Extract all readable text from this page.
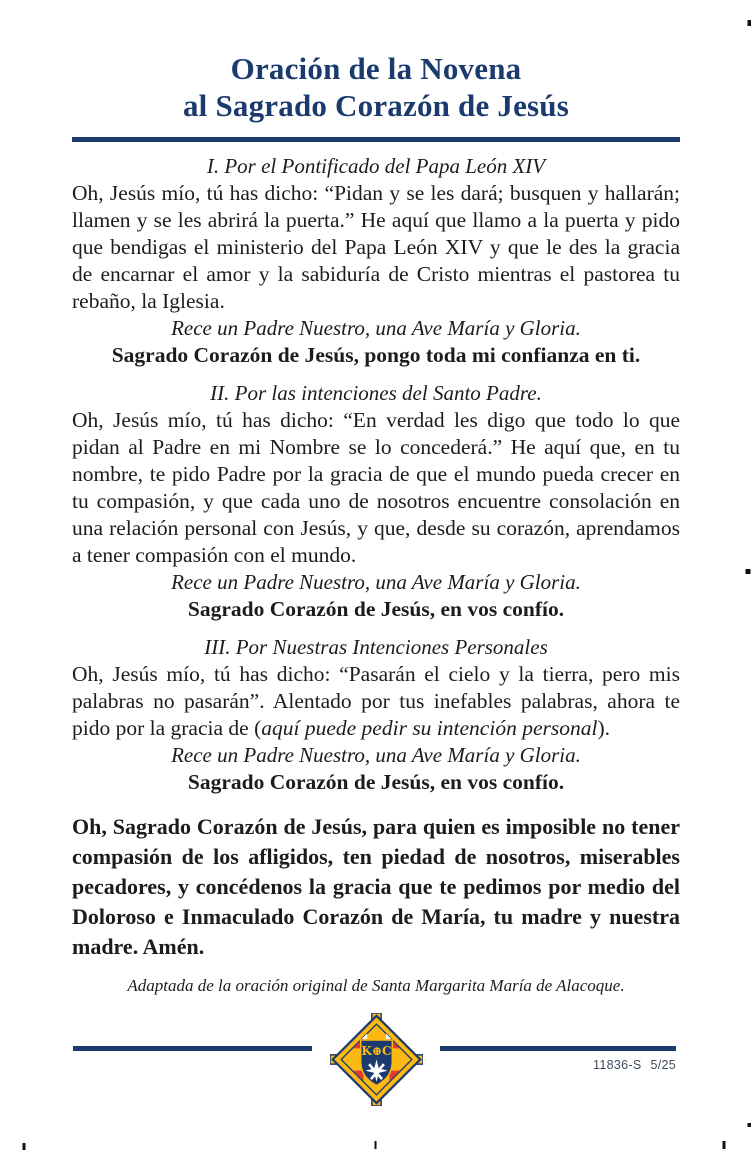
Oración de la Novena
al Sagrado Corazón de Jesús

I. Por el Pontificado del Papa León XIV

Oh, Jesús mío, tú has dicho: “Pidan y se les dará; busquen y hallarán; llamen y se les abrirá la puerta.” He aquí que llamo a la puerta y pido que bendigas el ministerio del Papa León XIV y que le des la gracia de encarnar el amor y la sabiduría de Cristo mientras el pastorea tu rebaño, la Iglesia.

Rece un Padre Nuestro, una Ave María y Gloria.

Sagrado Corazón de Jesús, pongo toda mi confianza en ti.

II. Por las intenciones del Santo Padre.

Oh, Jesús mío, tú has dicho: “En verdad les digo que todo lo que pidan al Padre en mi Nombre se lo concederá.” He aquí que, en tu nombre, te pido Padre por la gracia de que el mundo pueda crecer en tu compasión, y que cada uno de nosotros encuentre consolación en una relación personal con Jesús, y que, desde su corazón, aprendamos a tener compasión con el mundo.

Rece un Padre Nuestro, una Ave María y Gloria.

Sagrado Corazón de Jesús, en vos confío.

III. Por Nuestras Intenciones Personales

Oh, Jesús mío, tú has dicho: “Pasarán el cielo y la tierra, pero mis palabras no pasarán”. Alentado por tus inefables palabras, ahora te pido por la gracia de (aquí puede pedir su intención personal).

Rece un Padre Nuestro, una Ave María y Gloria.

Sagrado Corazón de Jesús, en vos confío.

Oh, Sagrado Corazón de Jesús, para quien es imposible no tener compasión de los afligidos, ten piedad de nosotros, miserables pecadores, y concédenos la gracia que te pedimos por medio del Doloroso e Inmaculado Corazón de María, tu madre y nuestra madre. Amén.

Adaptada de la oración original de Santa Margarita María de Alacoque.

K⊕C
11836-S 5/25
